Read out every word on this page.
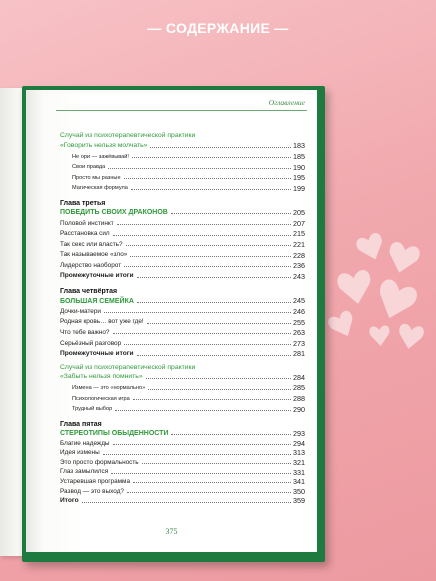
— СОДЕРЖАНИЕ —
Оглавление
Случай из психотерапевтической практики
«Говорить нельзя молчать»	183
Не ори — зажёвывай!	185
Свои правда	190
Просто мы разные	195
Магическая формула	199
Глава третья
ПОБЕДИТЬ СВОИХ ДРАКОНОВ	205
Половой инстинкт	207
Расстановка сил	215
Так секс или власть?	221
Так называемое «зло»	228
Лидерство наоборот	236
Промежуточные итоги	243
Глава четвёртая
БОЛЬШАЯ СЕМЕЙКА	245
Дочки-матери	246
Родная кровь… вот уже где!	255
Что тебе важно?	263
Серьёзный разговор	273
Промежуточные итоги	281
Случай из психотерапевтической практики
«Забыть нельзя помнить»	284
Измена — это «нормально»	285
Психологическая игра	288
Трудный выбор	290
Глава пятая
СТЕРЕОТИПЫ ОБЫДЕННОСТИ	293
Благие надежды	294
Идея измены	313
Это просто формальность	321
Глаз замылился	331
Устаревшая программа	341
Развод — это выход?	350
Итого	359
375
